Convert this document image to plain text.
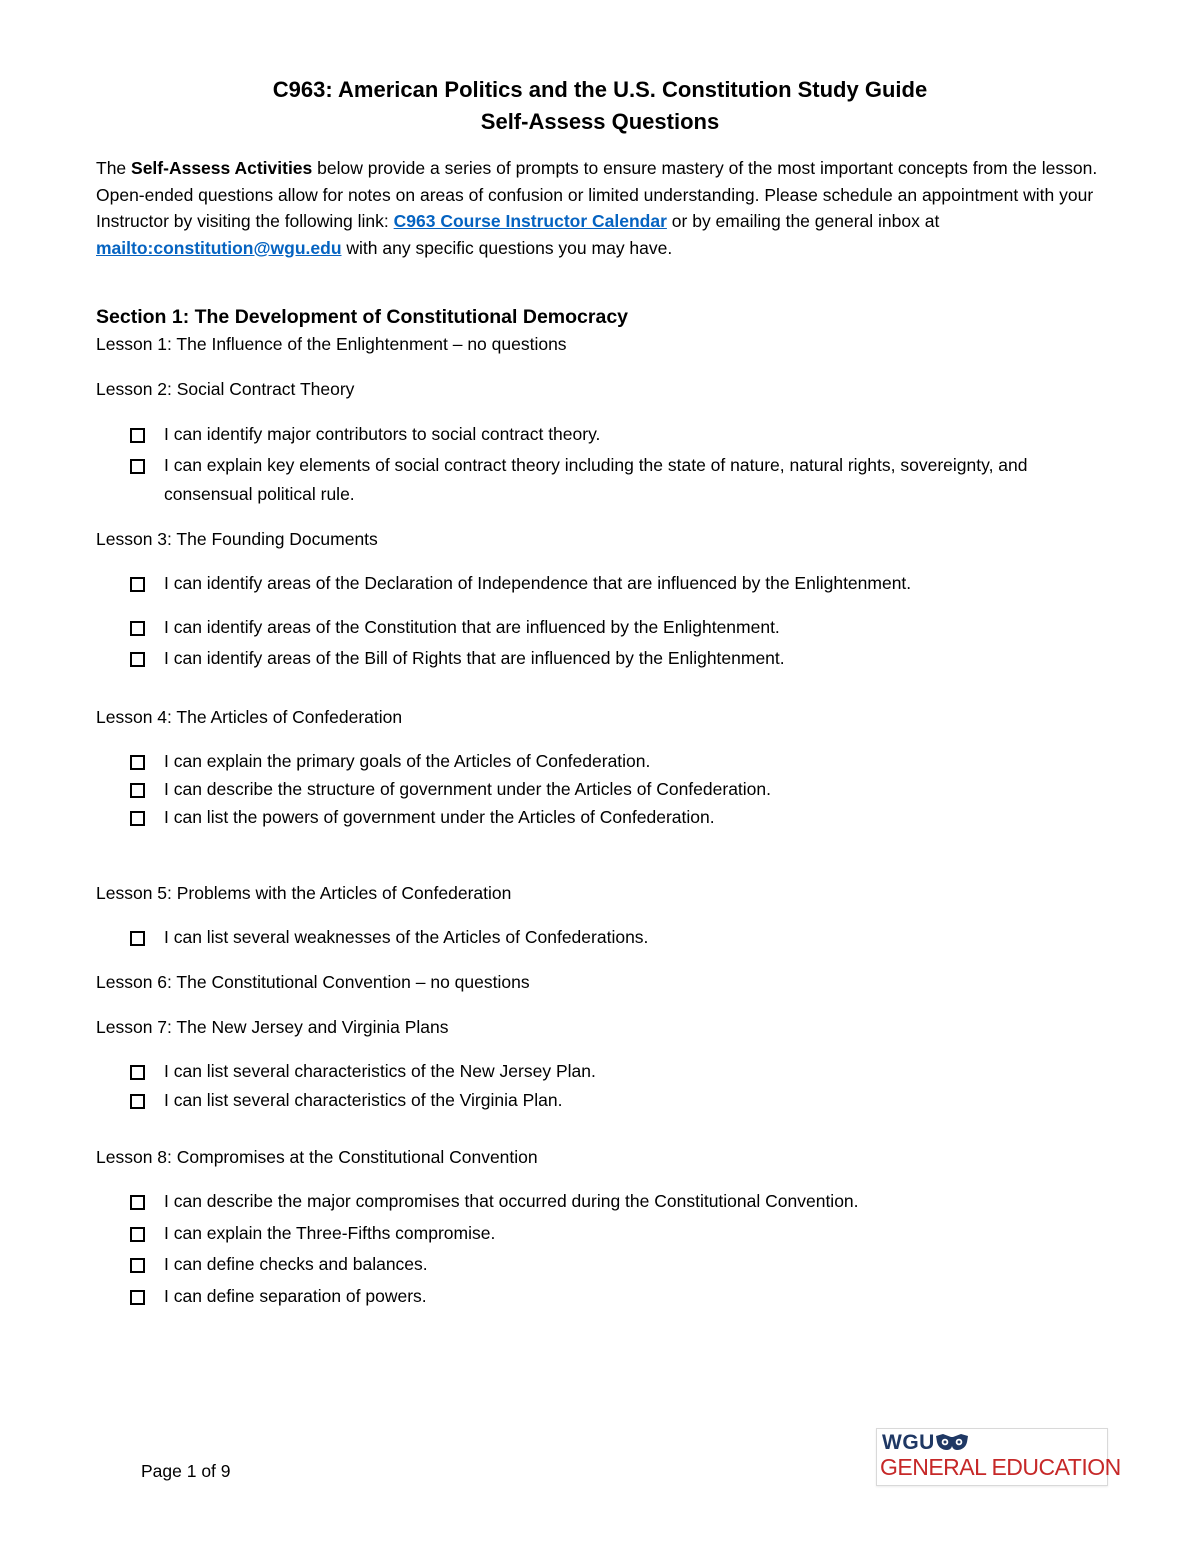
C963: American Politics and the U.S. Constitution Study Guide
Self-Assess Questions
The Self-Assess Activities below provide a series of prompts to ensure mastery of the most important concepts from the lesson. Open-ended questions allow for notes on areas of confusion or limited understanding. Please schedule an appointment with your Instructor by visiting the following link: C963 Course Instructor Calendar or by emailing the general inbox at mailto:constitution@wgu.edu with any specific questions you may have.
Section 1: The Development of Constitutional Democracy
Lesson 1: The Influence of the Enlightenment – no questions
Lesson 2: Social Contract Theory
I can identify major contributors to social contract theory.
I can explain key elements of social contract theory including the state of nature, natural rights, sovereignty, and consensual political rule.
Lesson 3: The Founding Documents
I can identify areas of the Declaration of Independence that are influenced by the Enlightenment.
I can identify areas of the Constitution that are influenced by the Enlightenment.
I can identify areas of the Bill of Rights that are influenced by the Enlightenment.
Lesson 4: The Articles of Confederation
I can explain the primary goals of the Articles of Confederation.
I can describe the structure of government under the Articles of Confederation.
I can list the powers of government under the Articles of Confederation.
Lesson 5: Problems with the Articles of Confederation
I can list several weaknesses of the Articles of Confederations.
Lesson 6: The Constitutional Convention – no questions
Lesson 7: The New Jersey and Virginia Plans
I can list several characteristics of the New Jersey Plan.
I can list several characteristics of the Virginia Plan.
Lesson 8: Compromises at the Constitutional Convention
I can describe the major compromises that occurred during the Constitutional Convention.
I can explain the Three-Fifths compromise.
I can define checks and balances.
I can define separation of powers.
Page 1 of 9
WGU
GENERAL EDUCATION
